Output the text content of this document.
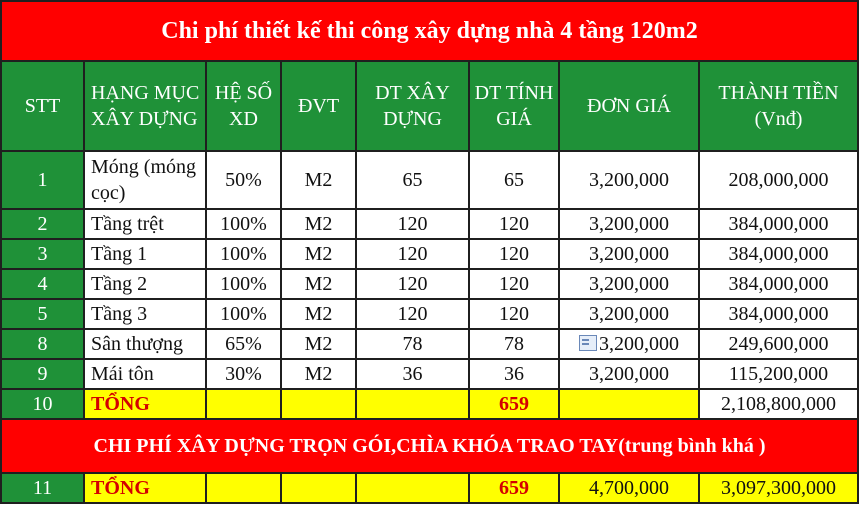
Chi phí thiết kế thi công xây dựng nhà 4 tầng 120m2							
STT	HẠNG MỤC XÂY DỰNG	HỆ SỐ XD	ĐVT	DT XÂY DỰNG	DT TÍNH GIÁ	ĐƠN GIÁ	THÀNH TIỀN (Vnđ)
1	Móng (móng cọc)	50%	M2	65	65	3,200,000	208,000,000
2	Tầng trệt	100%	M2	120	120	3,200,000	384,000,000
3	Tầng 1	100%	M2	120	120	3,200,000	384,000,000
4	Tầng 2	100%	M2	120	120	3,200,000	384,000,000
5	Tầng 3	100%	M2	120	120	3,200,000	384,000,000
8	Sân thượng	65%	M2	78	78	3,200,000	249,600,000
9	Mái tôn	30%	M2	36	36	3,200,000	115,200,000
10	TỔNG				659		2,108,800,000
CHI PHÍ XÂY DỰNG TRỌN GÓI,CHÌA KHÓA TRAO TAY(trung bình khá )							
11	TỔNG				659	4,700,000	3,097,300,000
